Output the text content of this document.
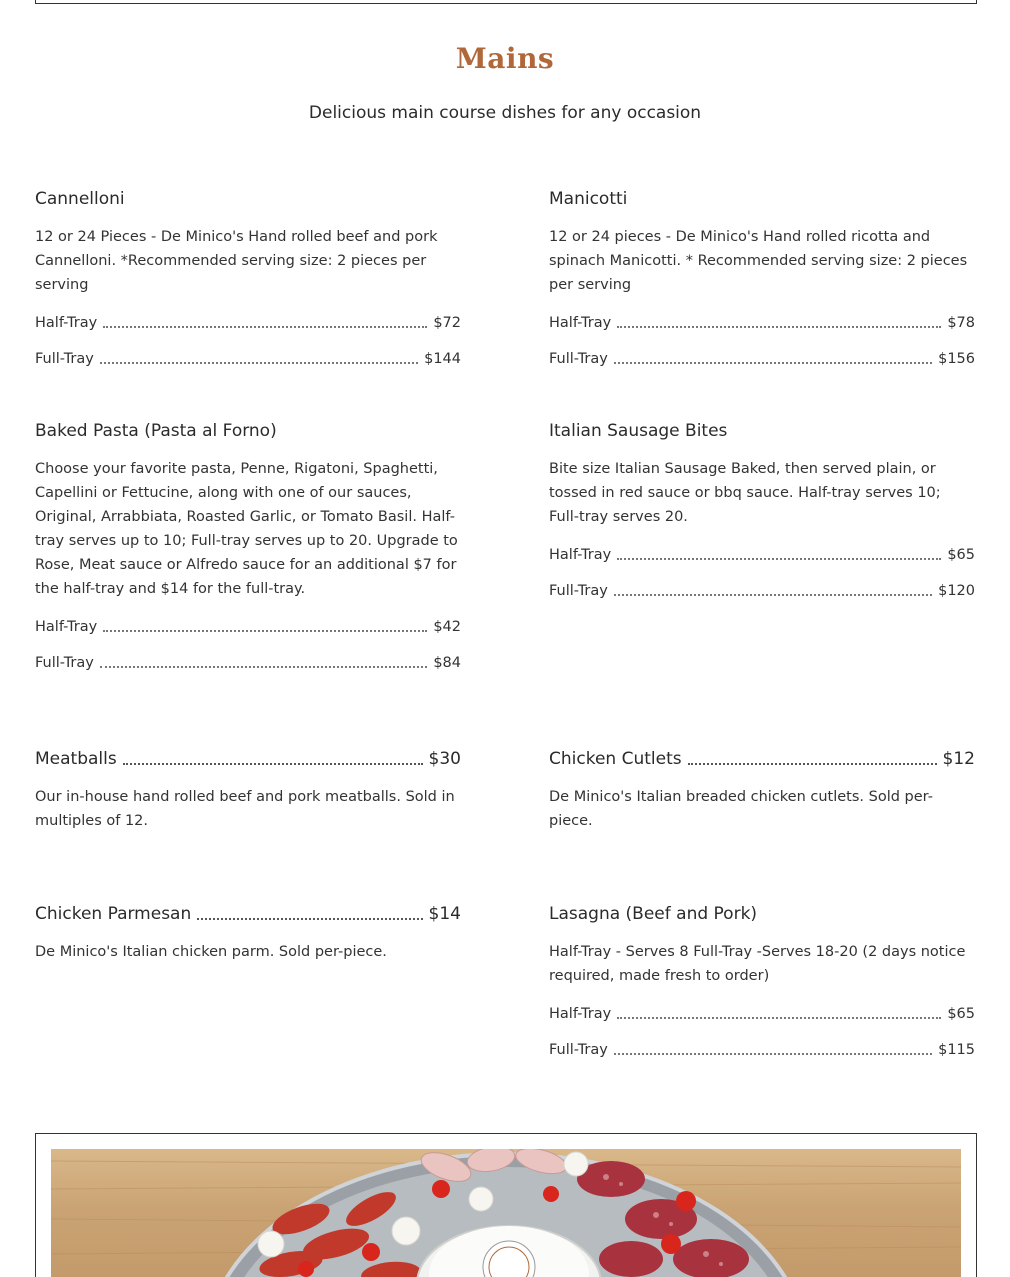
Mains

Delicious main course dishes for any occasion

Cannelloni
12 or 24 Pieces - De Minico's Hand rolled beef and pork Cannelloni. *Recommended serving size: 2 pieces per serving
Half-Tray	$72
Full-Tray	$144
Manicotti
12 or 24 pieces - De Minico's Hand rolled ricotta and spinach Manicotti. * Recommended serving size: 2 pieces per serving
Half-Tray	$78
Full-Tray	$156
Baked Pasta (Pasta al Forno)
Choose your favorite pasta, Penne, Rigatoni, Spaghetti, Capellini or Fettucine, along with one of our sauces, Original, Arrabbiata, Roasted Garlic, or Tomato Basil. Half-tray serves up to 10; Full-tray serves up to 20. Upgrade to Rose, Meat sauce or Alfredo sauce for an additional $7 for the half-tray and $14 for the full-tray.
Half-Tray	$42
Full-Tray	$84
Italian Sausage Bites
Bite size Italian Sausage Baked, then served plain, or tossed in red sauce or bbq sauce. Half-tray serves 10; Full-tray serves 20.
Half-Tray	$65
Full-Tray	$120
Meatballs	$30
Our in-house hand rolled beef and pork meatballs. Sold in multiples of 12.
Chicken Cutlets	$12
De Minico's Italian breaded chicken cutlets. Sold per-piece.
Chicken Parmesan	$14
De Minico's Italian chicken parm. Sold per-piece.
Lasagna (Beef and Pork)
Half-Tray - Serves 8 Full-Tray -Serves 18-20 (2 days notice required, made fresh to order)
Half-Tray	$65
Full-Tray	$115
